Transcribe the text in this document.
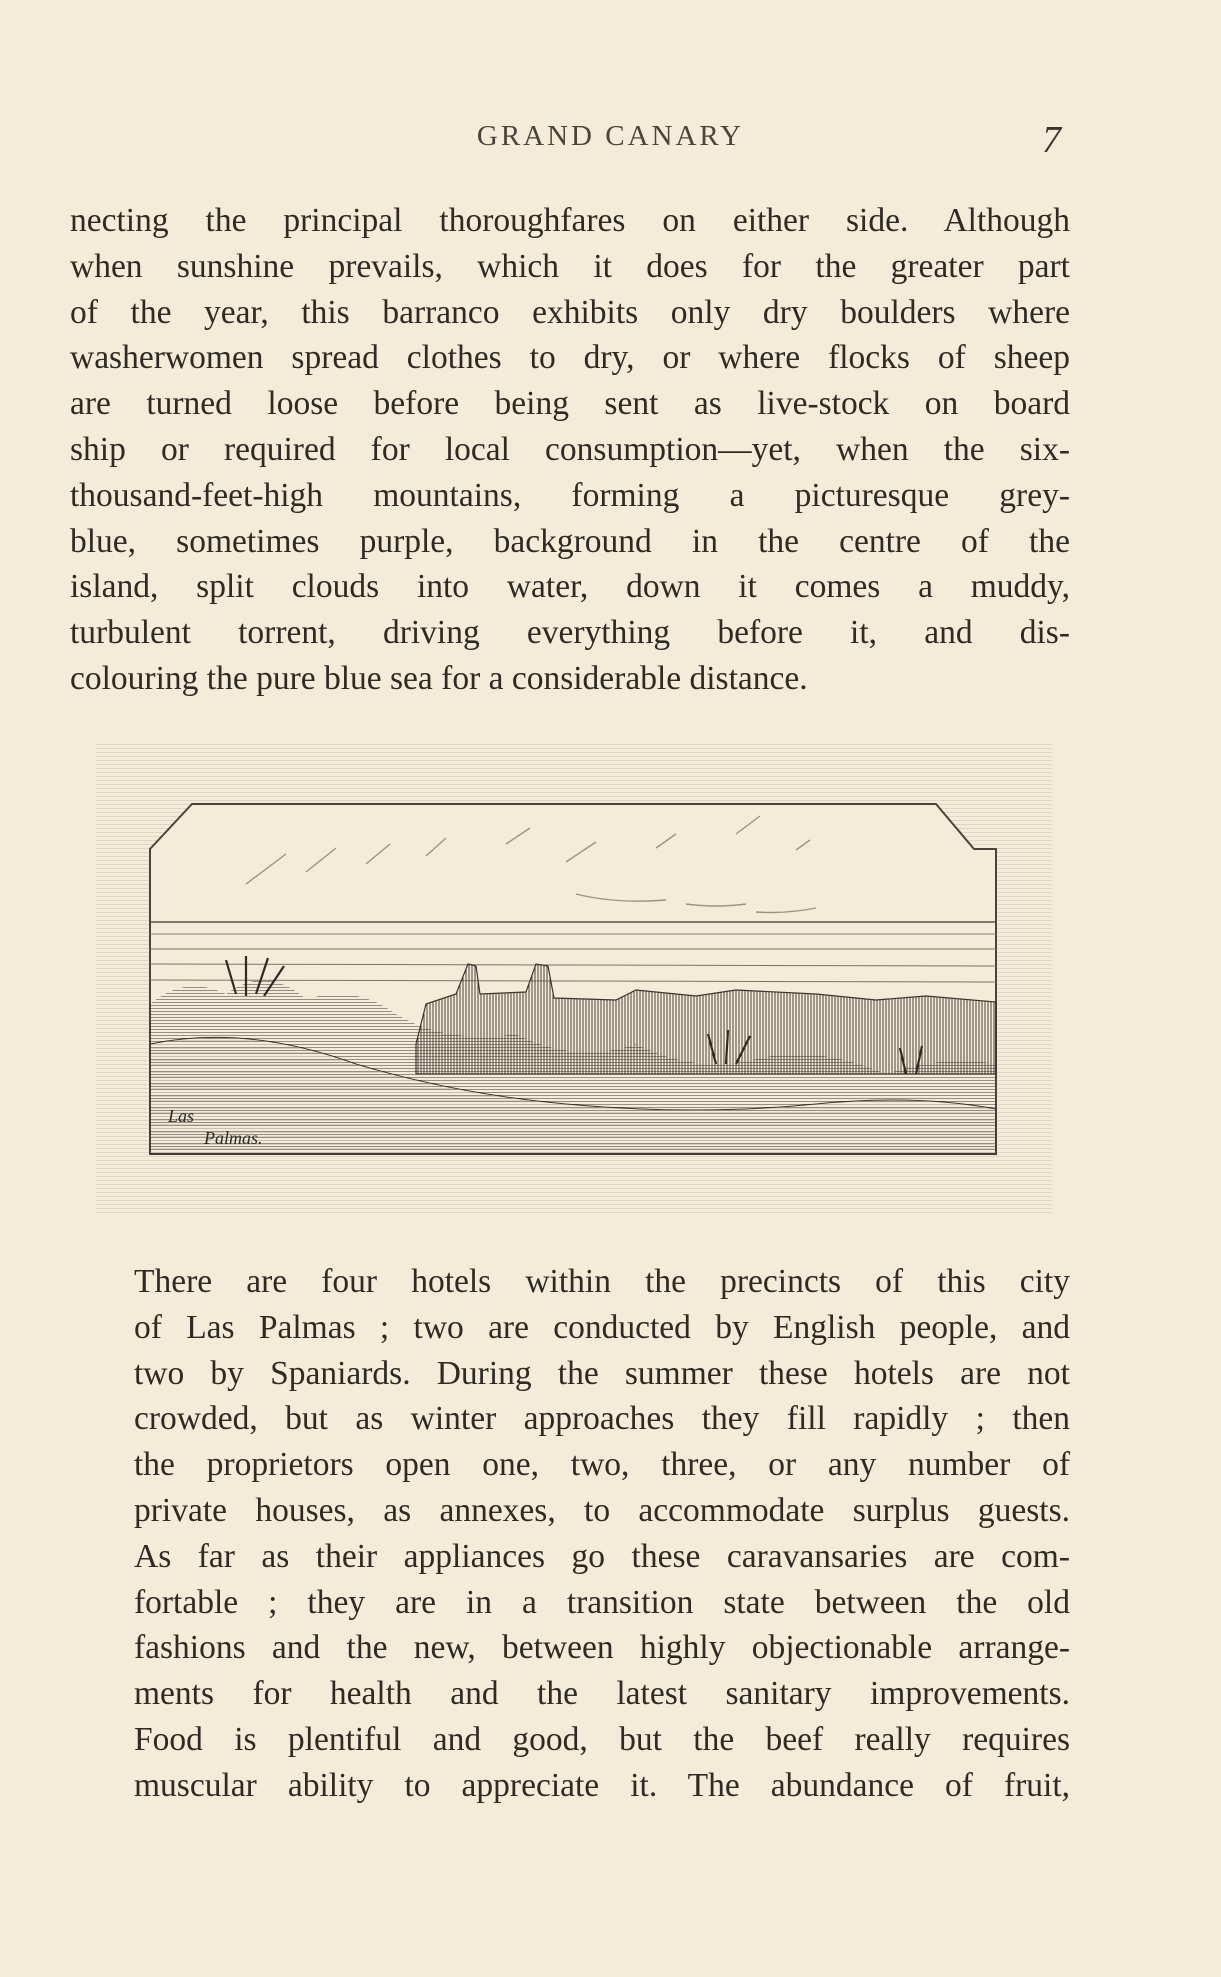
GRAND CANARY	7

necting the principal thoroughfares on either side. Although
when sunshine prevails, which it does for the greater part
of the year, this barranco exhibits only dry boulders where
washerwomen spread clothes to dry, or where flocks of sheep
are turned loose before being sent as live-stock on board
ship or required for local consumption—yet, when the six-
thousand-feet-high mountains, forming a picturesque grey-
blue, sometimes purple, background in the centre of the
island, split clouds into water, down it comes a muddy,
turbulent torrent, driving everything before it, and dis-
colouring the pure blue sea for a considerable distance.

Las
Palmas.

There are four hotels within the precincts of this city
of Las Palmas ; two are conducted by English people, and
two by Spaniards. During the summer these hotels are not
crowded, but as winter approaches they fill rapidly ; then
the proprietors open one, two, three, or any number of
private houses, as annexes, to accommodate surplus guests.
As far as their appliances go these caravansaries are com-
fortable ; they are in a transition state between the old
fashions and the new, between highly objectionable arrange-
ments for health and the latest sanitary improvements.
Food is plentiful and good, but the beef really requires
muscular ability to appreciate it. The abundance of fruit,
